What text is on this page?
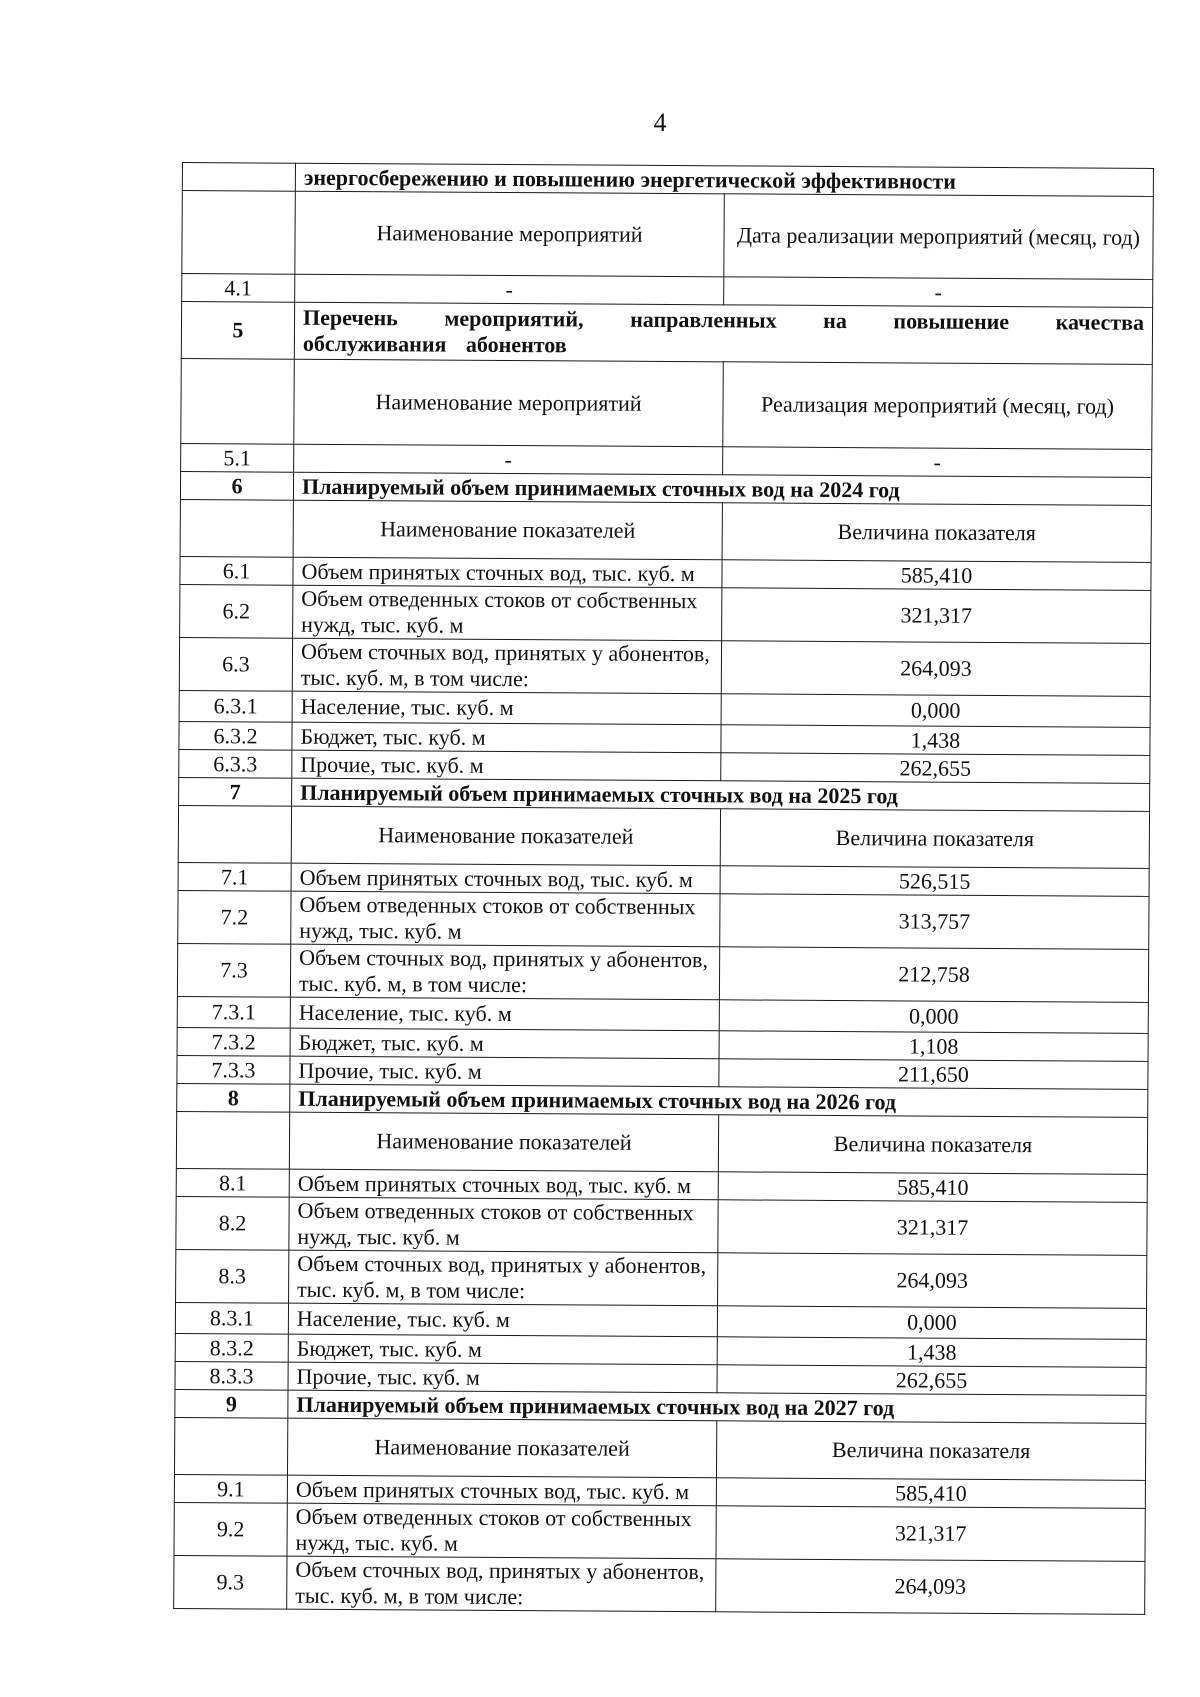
4
	энергосбережению и повышению энергетической эффективности	
	Наименование мероприятий	Дата реализации мероприятий (месяц, год)
4.1	-	-
5	Перечень мероприятий, направленных на повышение качества обслуживания абонентов	
	Наименование мероприятий	Реализация мероприятий (месяц, год)
5.1	-	-
6	Планируемый объем принимаемых сточных вод на 2024 год	
	Наименование показателей	Величина показателя
6.1	Объем принятых сточных вод, тыс. куб. м	585,410
6.2	Объем отведенных стоков от собственных нужд, тыс. куб. м	321,317
6.3	Объем сточных вод, принятых у абонентов, тыс. куб. м, в том числе:	264,093
6.3.1	Население, тыс. куб. м	0,000
6.3.2	Бюджет, тыс. куб. м	1,438
6.3.3	Прочие, тыс. куб. м	262,655
7	Планируемый объем принимаемых сточных вод на 2025 год	
	Наименование показателей	Величина показателя
7.1	Объем принятых сточных вод, тыс. куб. м	526,515
7.2	Объем отведенных стоков от собственных нужд, тыс. куб. м	313,757
7.3	Объем сточных вод, принятых у абонентов, тыс. куб. м, в том числе:	212,758
7.3.1	Население, тыс. куб. м	0,000
7.3.2	Бюджет, тыс. куб. м	1,108
7.3.3	Прочие, тыс. куб. м	211,650
8	Планируемый объем принимаемых сточных вод на 2026 год	
	Наименование показателей	Величина показателя
8.1	Объем принятых сточных вод, тыс. куб. м	585,410
8.2	Объем отведенных стоков от собственных нужд, тыс. куб. м	321,317
8.3	Объем сточных вод, принятых у абонентов, тыс. куб. м, в том числе:	264,093
8.3.1	Население, тыс. куб. м	0,000
8.3.2	Бюджет, тыс. куб. м	1,438
8.3.3	Прочие, тыс. куб. м	262,655
9	Планируемый объем принимаемых сточных вод на 2027 год	
	Наименование показателей	Величина показателя
9.1	Объем принятых сточных вод, тыс. куб. м	585,410
9.2	Объем отведенных стоков от собственных нужд, тыс. куб. м	321,317
9.3	Объем сточных вод, принятых у абонентов, тыс. куб. м, в том числе:	264,093
